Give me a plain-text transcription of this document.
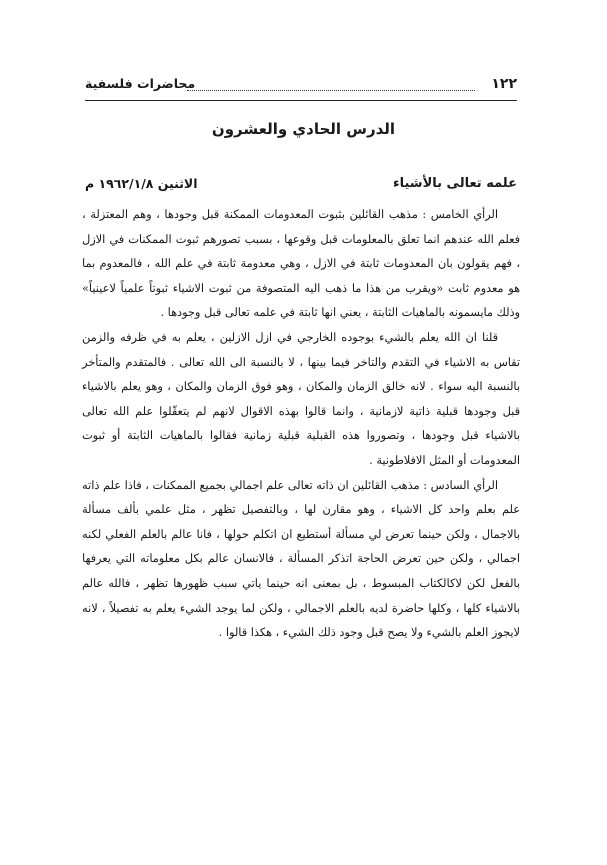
١٢٢
محاضرات فلسفية
الدرس الحادي والعشرون
علمه تعالى بالأشياء
الاثنين ١٩٦٢/١/٨ م

الرأي الخامس : مذهب القائلين بثبوت المعدومات الممكنة قبل وجودها ، وهم المعتزلة ، فعلم الله عندهم انما تعلق بالمعلومات قبل وقوعها ، بسبب تصورهم ثبوت الممكنات في الازل ، فهم يقولون بان المعدومات ثابتة في الازل ، وهي معدومة ثابتة في علم الله ، فالمعدوم بما هو معدوم ثابت «ويقرب من هذا ما ذهب اليه المتصوفة من ثبوت الاشياء ثبوتاً علمياً لاعينياً» وذلك مايسمونه بالماهيات الثابتة ، يعني انها ثابتة في علمه تعالى قبل وجودها .

قلنا ان الله يعلم بالشيء بوجوده الخارجي في ازل الازلين ، يعلم به في ظرفه والزمن تقاس به الاشياء في التقدم والتاخر فيما بينها ، لا بالنسبة الى الله تعالى . فالمتقدم والمتأخر بالنسبة اليه سواء . لانه خالق الزمان والمكان ، وهو فوق الزمان والمكان ، وهو يعلم بالاشياء قبل وجودها قبلية ذاتية لازمانية ، وانما قالوا بهذه الاقوال لانهم لم يتعقّلوا علم الله تعالى بالاشياء قبل وجودها ، وتصوروا هذه القبلية قبلية زمانية فقالوا بالماهيات الثابتة أو ثبوت المعدومات أو المثل الافلاطونية .

الرأي السادس : مذهب القائلين ان ذاته تعالى علم اجمالي بجميع الممكنات ، فاذا علم ذاته علم بعلم واحد كل الاشياء ، وهو مقارن لها ، وبالتفصيل تظهر ، مثل علمي بألف مسألة بالاجمال ، ولكن حينما تعرض لي مسألة أستطيع ان اتكلم حولها ، فانا عالم بالعلم الفعلي لكنه اجمالي ، ولكن حين تعرض الحاجة اتذكر المسألة ، فالانسان عالم بكل معلوماته التي يعرفها بالفعل لكن لاكالكتاب المبسوط ، بل بمعنى انه حينما ياتي سبب ظهورها تظهر ، فالله عالم بالاشياء كلها ، وكلها حاضرة لديه بالعلم الاجمالي ، ولكن لما يوجد الشيء يعلم به تفصيلاً ، لانه لايجوز العلم بالشيء ولا يصح قبل وجود ذلك الشيء ، هكذا قالوا .
